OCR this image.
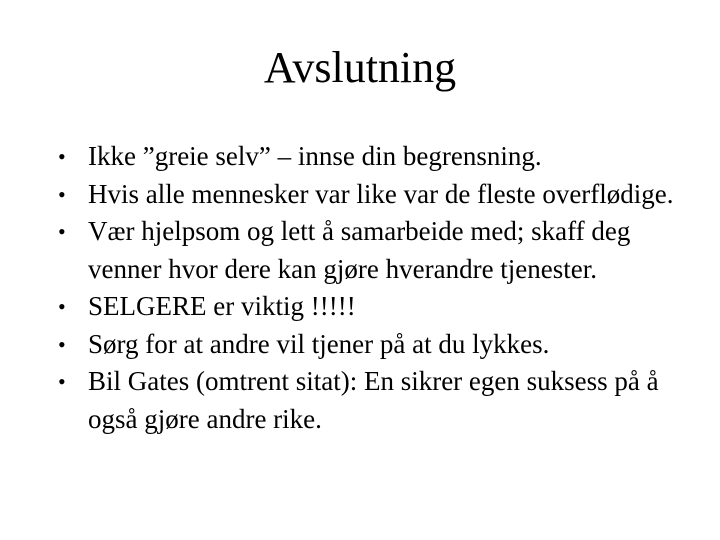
Avslutning
• Ikke ”greie selv” – innse din begrensning.
• Hvis alle mennesker var like var de fleste overflødige.
• Vær hjelpsom og lett å samarbeide med; skaff deg venner hvor dere kan gjøre hverandre tjenester.
• SELGERE er viktig !!!!!
• Sørg for at andre vil tjener på at du lykkes.
• Bil Gates (omtrent sitat): En sikrer egen suksess på å også gjøre andre rike.
